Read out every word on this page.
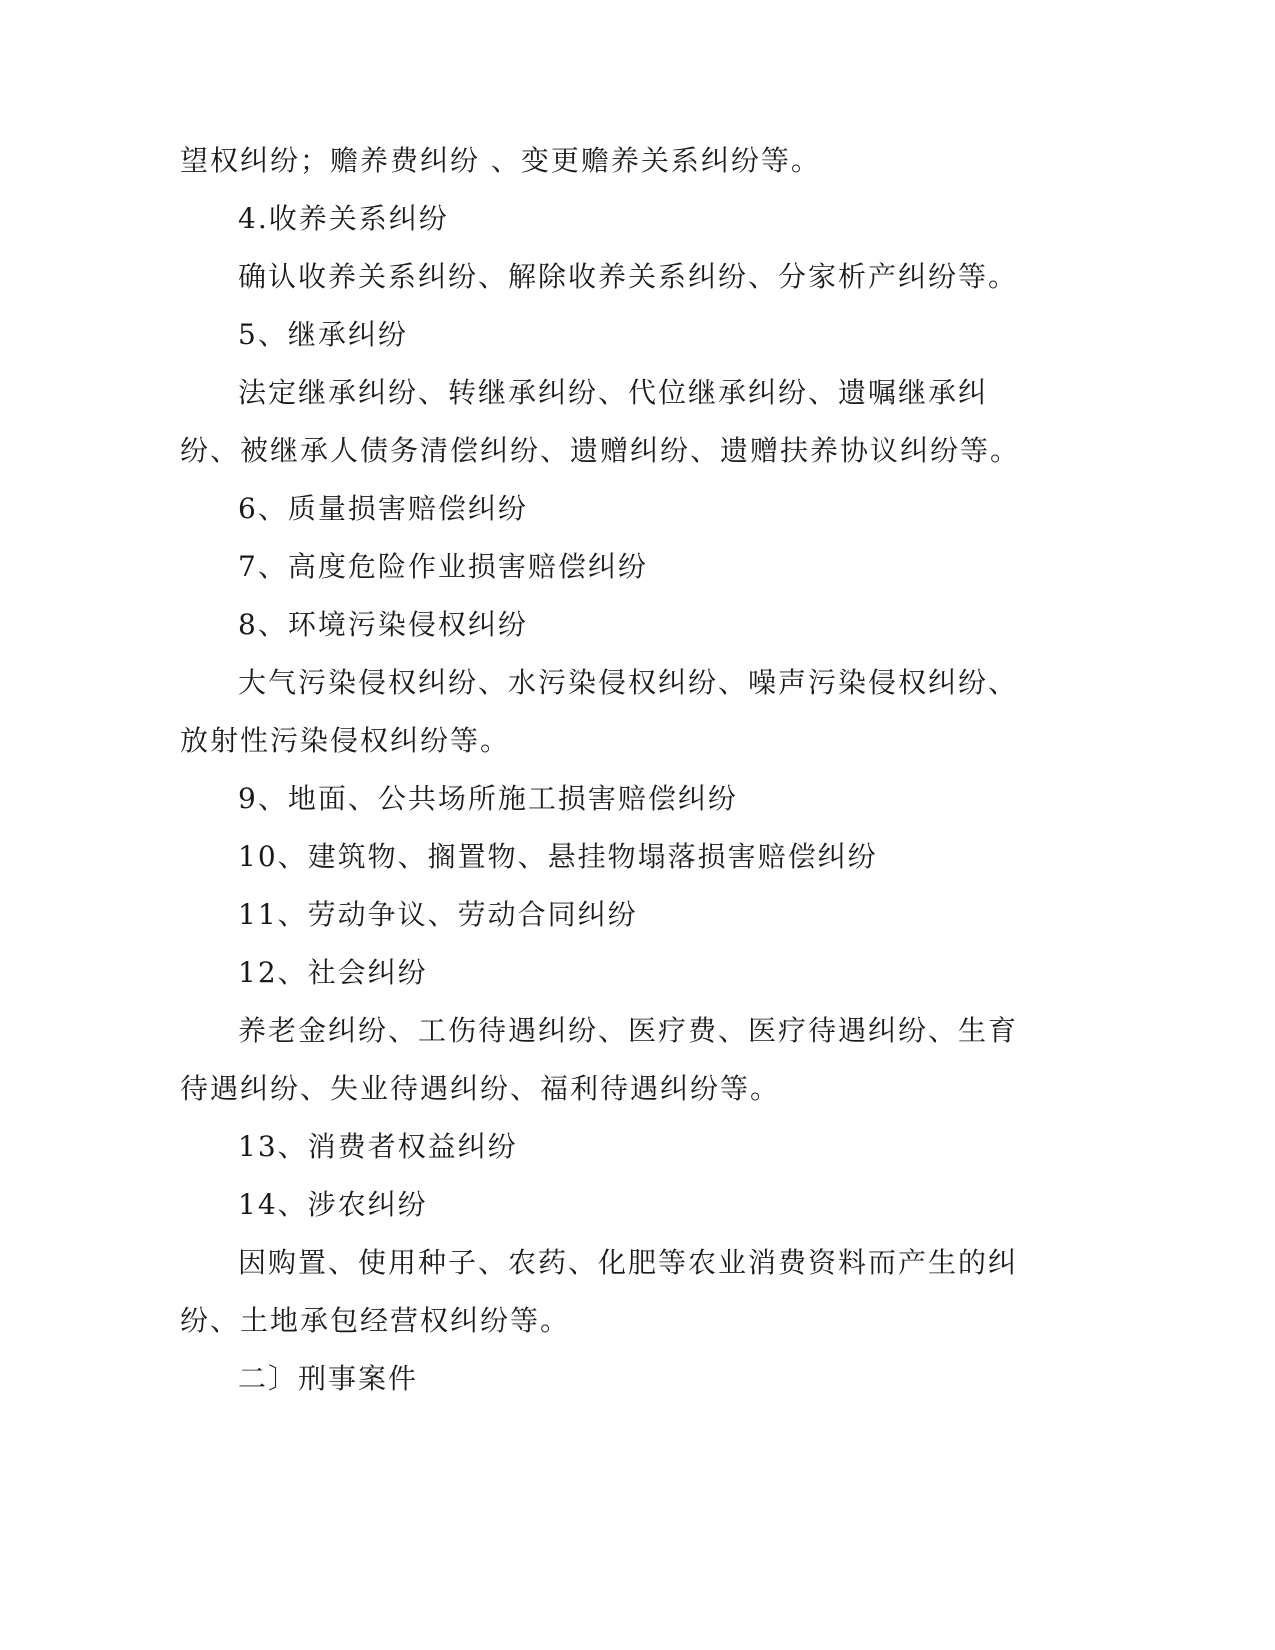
望权纠纷；赡养费纠纷 、变更赡养关系纠纷等。

4.收养关系纠纷

确认收养关系纠纷、解除收养关系纠纷、分家析产纠纷等。

5、继承纠纷

法定继承纠纷、转继承纠纷、代位继承纠纷、遗嘱继承纠纷、被继承人债务清偿纠纷、遗赠纠纷、遗赠扶养协议纠纷等。

6、质量损害赔偿纠纷

7、高度危险作业损害赔偿纠纷

8、环境污染侵权纠纷

大气污染侵权纠纷、水污染侵权纠纷、噪声污染侵权纠纷、放射性污染侵权纠纷等。

9、地面、公共场所施工损害赔偿纠纷

10、建筑物、搁置物、悬挂物塌落损害赔偿纠纷

11、劳动争议、劳动合同纠纷

12、社会纠纷

养老金纠纷、工伤待遇纠纷、医疗费、医疗待遇纠纷、生育待遇纠纷、失业待遇纠纷、福利待遇纠纷等。

13、消费者权益纠纷

14、涉农纠纷

因购置、使用种子、农药、化肥等农业消费资料而产生的纠纷、土地承包经营权纠纷等。

二〕刑事案件
